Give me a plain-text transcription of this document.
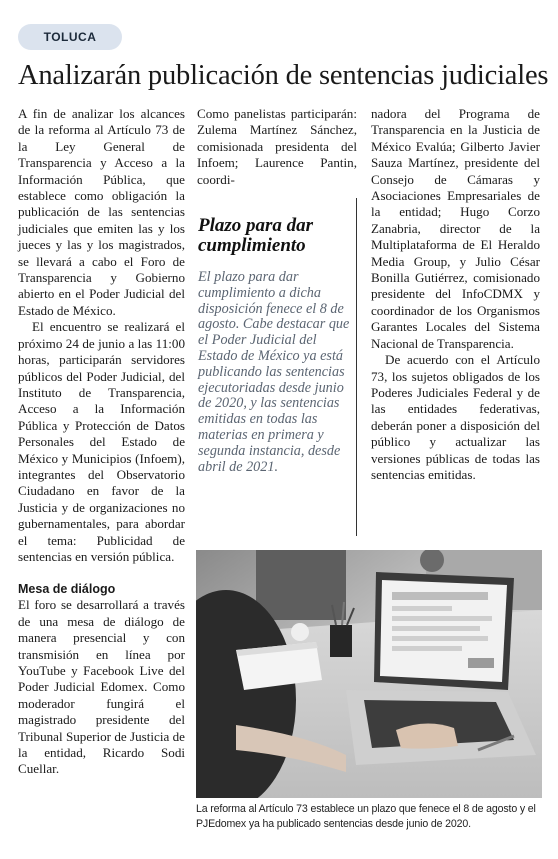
TOLUCA
Analizarán publicación de sentencias judiciales

A fin de analizar los alcances de la reforma al Artículo 73 de la Ley General de Transparencia y Acceso a la Información Pública, que establece como obligación la publicación de las sentencias judiciales que emiten las y los jueces y las y los magistrados, se llevará a cabo el Foro de Transparencia y Gobierno abierto en el Poder Judicial del Estado de México.

El encuentro se realizará el próximo 24 de junio a las 11:00 horas, participarán servidores públicos del Poder Judicial, del Instituto de Transparencia, Acceso a la Información Pública y Protección de Datos Personales del Estado de México y Municipios (Infoem), integrantes del Observatorio Ciudadano en favor de la Justicia y de organizaciones no gubernamentales, para abordar el tema: Publicidad de sentencias en versión pública.

Mesa de diálogo

El foro se desarrollará a través de una mesa de diálogo de manera presencial y con transmisión en línea por YouTube y Facebook Live del Poder Judicial Edomex. Como moderador fungirá el magistrado presidente del Tribunal Superior de Justicia de la entidad, Ricardo Sodi Cuellar.

Como panelistas participarán: Zulema Martínez Sánchez, comisionada presidenta del Infoem; Laurence Pantin, coordi-

Plazo para dar cumplimiento
El plazo para dar cumplimiento a dicha disposición fenece el 8 de agosto. Cabe destacar que el Poder Judicial del Estado de México ya está publicando las sentencias ejecutoriadas desde junio de 2020, y las sentencias emitidas en todas las materias en primera y segunda instancia, desde abril de 2021.

nadora del Programa de Transparencia en la Justicia de México Evalúa; Gilberto Javier Sauza Martínez, presidente del Consejo de Cámaras y Asociaciones Empresariales de la entidad; Hugo Corzo Zanabria, director de la Multiplataforma de El Heraldo Media Group, y Julio César Bonilla Gutiérrez, comisionado presidente del InfoCDMX y coordinador de los Organismos Garantes Locales del Sistema Nacional de Transparencia.

De acuerdo con el Artículo 73, los sujetos obligados de los Poderes Judiciales Federal y de las entidades federativas, deberán poner a disposición del público y actualizar las versiones públicas de todas las sentencias emitidas.

La reforma al Artículo 73 establece un plazo que fenece el 8 de agosto y el PJEdomex ya ha publicado sentencias desde junio de 2020.
